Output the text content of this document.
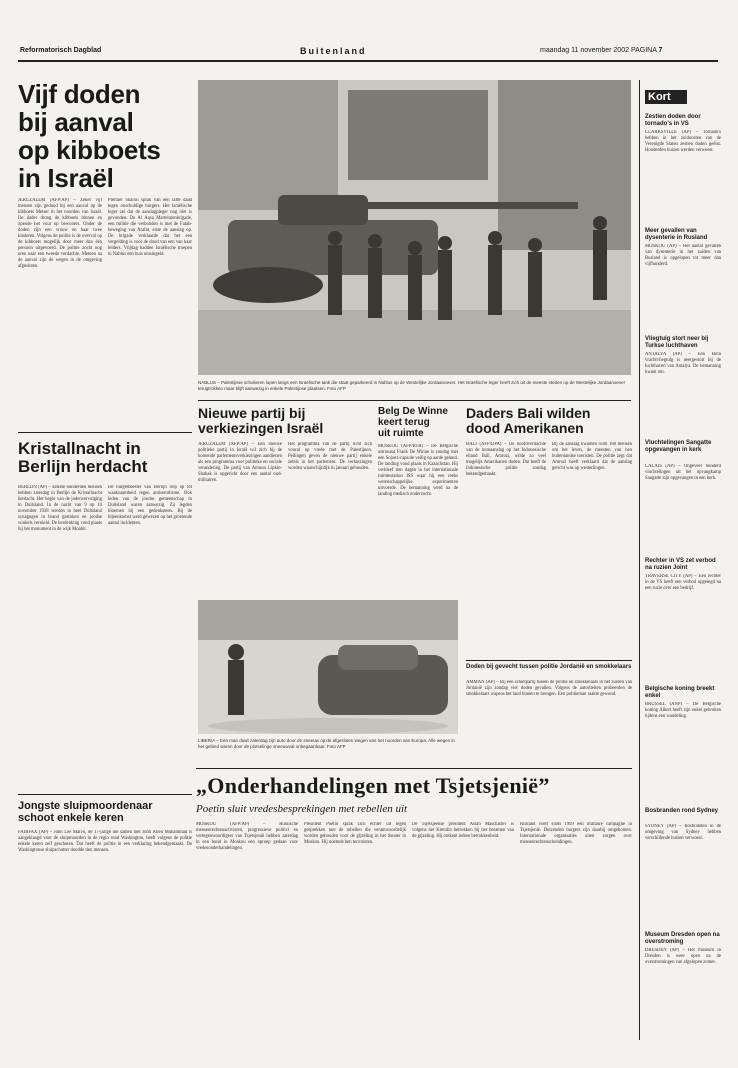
Reformatorisch Dagblad	Buitenland	maandag 11 november 2002 PAGINA 7
Vijf doden
bij aanval
op kibboets
in Israël
JERUZALEM (AFP/AP) – Zeker vijf mensen zijn gedood bij een aanval op de kibboets Metser in het noorden van Israël. De dader drong de kibboets binnen en opende het vuur op bewoners. Onder de doden zijn een vrouw en haar twee kinderen. Volgens de politie is de overval op de kibboets mogelijk door meer dan één persoon uitgevoerd. De politie zocht nog uren naar een tweede verdachte. Meteen na de aanval zijn de wegen in de omgeving afgesloten.
Premier Sharon sprak van een laffe daad tegen onschuldige burgers. Het Israëlische leger zei dat de aanslagpleger nog niet is gevonden. De Al Aqsa Martelarenbrigade, een militie die verbonden is met de Fatah-beweging van Arafat, eiste de aanslag op. De brigade verklaarde dat het een vergelding is voor de dood van een van haar leiders. Vrijdag hadden Israëlische troepen in Nablus een huis omsingeld.
NABLUS – Palestijnse scholieren lopen langs een Israëlische tank die staat geparkeerd in Nablus op de Westelijke Jordaanoever. Het Israëlische leger heeft zich uit de meeste steden op de Westelijke Jordaanoever terugtrokken maar blijft aanwezig in enkele Palestijnse plaatsen. Foto AFP
Kristallnacht in
Berlijn herdacht
BERLIJN (AP) – Enkele honderden mensen hebben zaterdag in Berlijn de Kristallnacht herdacht. Het begin van de jodenvervolging in Duitsland. In de nacht van 9 op 10 november 1938 werden in heel Duitsland synagogen in brand gestoken en joodse winkels vernield. De herdenking vond plaats bij het monument in de wijk Moabit.
De burgemeester van Berlijn riep op tot waakzaamheid tegen antisemitisme. Ook leden van de joodse gemeenschap in Duitsland waren aanwezig. Zij legden bloemen bij een gedenksteen. Bij de bijeenkomst werd gewezen op het groeiende aantal incidenten.
Nieuwe partij bij
verkiezingen Israël
JERUZALEM (AFP/AP) – Een nieuwe politieke partij in Israël wil zich bij de komende parlementsverkiezingen aandienen als een programma voor politieke en sociale verandering. De partij van Amnon Lipkin-Shahak is opgericht door een aantal oud-militairen.
Het programma van de partij richt zich vooral op vrede met de Palestijnen. Peilingen geven de nieuwe partij enkele zetels in het parlement. De verkiezingen worden waarschijnlijk in januari gehouden.
Belg De Winne
keert terug
uit ruimte
MOSKOU (AFP/RTR) – De Belgische astronaut Frank De Winne is zondag met een Sojoez-capsule veilig op aarde geland. De landing vond plaats in Kazachstan. Hij verbleef tien dagen in het internationale ruimtestation ISS waar hij een reeks wetenschappelijke experimenten uitvoerde. De bemanning werd na de landing medisch onderzocht.
Daders Bali wilden
dood Amerikanen
BALI (AFP/DPA) – De hoofdverdachte van de bomaanslag op het Indonesische eiland Bali, Amrozi, wilde zo veel mogelijk Amerikanen doden. Dat heeft de Indonesische politie zondag bekendgemaakt.
Bij de aanslag kwamen ruim 180 mensen om het leven, de meesten van hen buitenlandse toeristen. De politie zegt dat Amrozi heeft verklaard dat de aanslag gericht was op westerlingen.
LIBERIA – Een man duwt zaterdag zijn auto door de sneeuw op de afgesloten wegen van het noorden van Europa. Alle wegen in het gebied waren door de plotselinge sneeuwval onbegaanbaar. Foto AFP
Doden bij gevecht tussen politie Jordanië en smokkelaars
AMMAN (AP) – Bij een schietpartij tussen de politie en smokkelaars in het zuiden van Jordanië zijn zondag vier doden gevallen. Volgens de autoriteiten probeerden de smokkelaars wapens het land binnen te brengen. Een politieman raakte gewond.
„Onderhandelingen met Tsjetsjenië”
Poetin sluit vredesbesprekingen met rebellen uit
MOSKOU (AFP/AP) – Russische mensenrechtenactivisten, progressieve politici en vertegenwoordigers van Tsjetsjenië hebben zaterdag in een bond in Moskou een oproep gedaan voor vredesonderhandelingen.
President Poetin sprak zich echter uit tegen gesprekken met de rebellen die verantwoordelijk worden gehouden voor de gijzeling in het theater in Moskou. Hij noemde hen terroristen.
De Tsjetsjeense president Aslan Maschadov is volgens het Kremlin betrokken bij het beramen van de gijzeling. Hij ontkent iedere betrokkenheid.
Rusland voert sinds 1999 een militaire campagne in Tsjetsjenië. Duizenden burgers zijn daarbij omgekomen. Internationale organisaties uiten zorgen over mensenrechtenschendingen.
Jongste sluipmoordenaar
schoot enkele keren
FAIRFAX (AP) – John Lee Malvo, de 17-jarige die samen met John Allen Muhammad is aangeklaagd voor de sluipmoorden in de regio rond Washington, heeft volgens de politie enkele keren zelf geschoten. Dat heeft de politie in een verklaring bekendgemaakt. De Washingtonse sluipschutter doodde tien mensen.
Kort
Zestien doden door tornado's in VS
CLARKSVILLE (AP) – Tornado's hebben in het zuidoosten van de Verenigde Staten zestien doden geëist. Honderden huizen werden verwoest.
Meer gevallen van dysenterie in Rusland
MOSKOU (AP) – Het aantal gevallen van dysenterie in het zuiden van Rusland is opgelopen tot meer dan vijfhonderd.
Vliegtuig stort neer bij Turkse luchthaven
ANTALYA (AP) – Een klein vrachtvliegtuig is neergestort bij de luchthaven van Antalya. De bemanning kwam om.
Vluchtelingen Sangatte opgevangen in kerk
CALAIS (AP) – Ongeveer honderd vluchtelingen uit het opvangkamp Sangatte zijn opgevangen in een kerk.
Rechter in VS zet verbod na ruzien Joint
TRAVERSE CITY (AP) – Een rechter in de VS heeft een verbod opgelegd na een ruzie over een bedrijf.
Belgische koning breekt enkel
BRUSSEL (ANP) – De Belgische koning Albert heeft zijn enkel gebroken tijdens een wandeling.
Bosbranden rond Sydney
SYDNEY (AP) – Bosbranden in de omgeving van Sydney hebben verschillende huizen verwoest.
Museum Dresden open na overstroming
DRESDEN (AP) – Het museum in Dresden is weer open na de overstromingen van afgelopen zomer.
